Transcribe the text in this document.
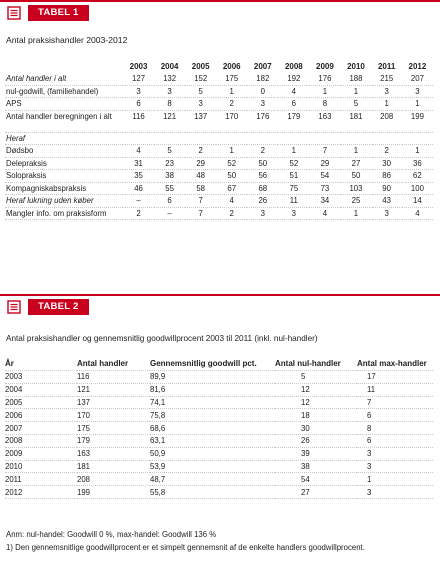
TABEL 1
Antal praksishandler 2003-2012
	2003	2004	2005	2006	2007	2008	2009	2010	2011	2012
Antal handler i alt	127	132	152	175	182	192	176	188	215	207
nul-godwill, (familiehandel)	3	3	5	1	0	4	1	1	3	3
APS	6	8	3	2	3	6	8	5	1	1
Antal handler beregningen i alt	116	121	137	170	176	179	163	181	208	199
Heraf										
Dødsbo	4	5	2	1	2	1	7	1	2	1
Delepraksis	31	23	29	52	50	52	29	27	30	36
Solopraksis	35	38	48	50	56	51	54	50	86	62
Kompagniskabspraksis	46	55	58	67	68	75	73	103	90	100
Heraf lukning uden køber	–	6	7	4	26	11	34	25	43	14
Mangler info. om praksisform	2	–	7	2	3	3	4	1	3	4
TABEL 2
Antal praksishandler og gennemsnitlig goodwillprocent 2003 til 2011 (inkl. nul-handler)
År	Antal handler	Gennemsnitlig goodwill pct.	Antal nul-handler	Antal max-handler
2003	116	89,9	5	17
2004	121	81,6	12	11
2005	137	74,1	12	7
2006	170	75,8	18	6
2007	175	68,6	30	8
2008	179	63,1	26	6
2009	163	50,9	39	3
2010	181	53,9	38	3
2011	208	48,7	54	1
2012	199	55,8	27	3
Anm: nul-handel: Goodwill 0 %, max-handel: Goodwill 136 %
1) Den gennemsnitlige goodwillprocent er et simpelt gennemsnit af de enkelte handlers goodwillprocent.
